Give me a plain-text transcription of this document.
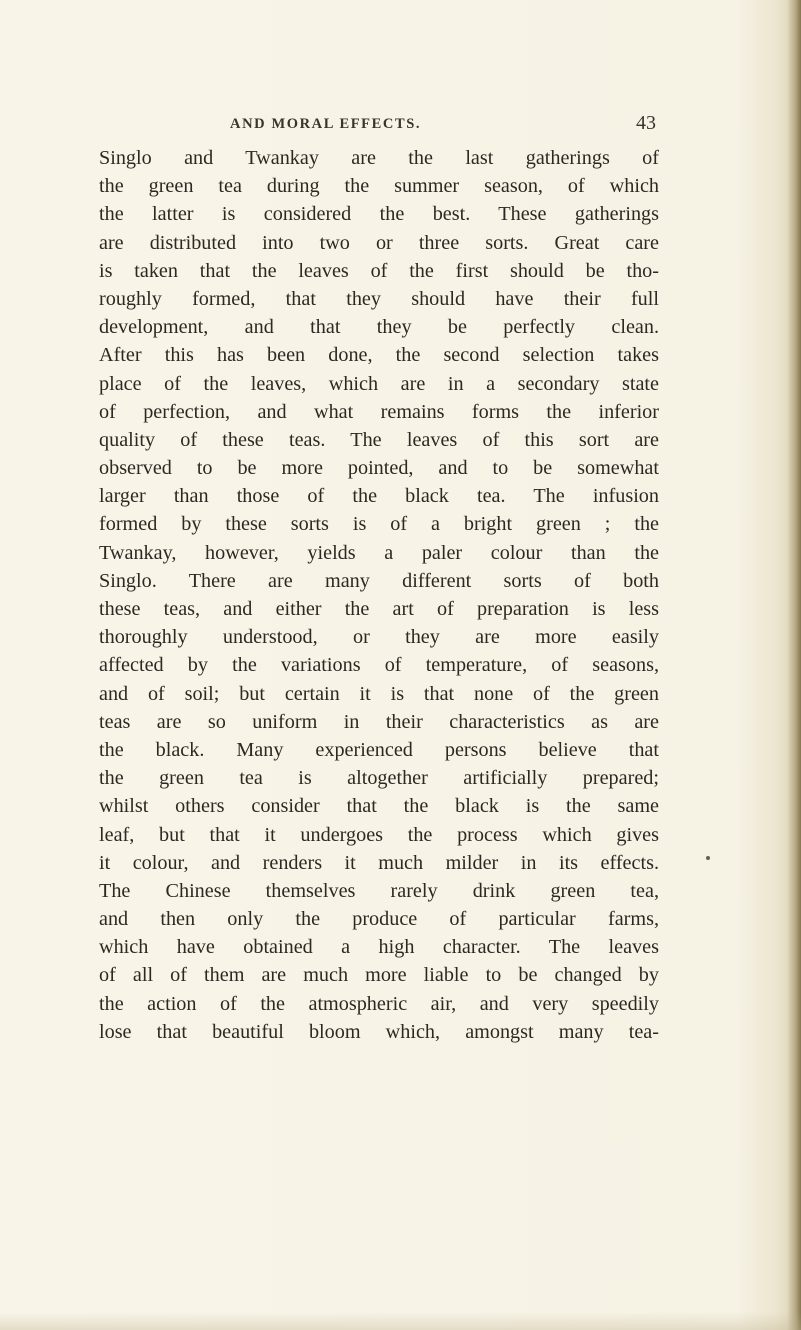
AND MORAL EFFECTS.	43
Singlo and Twankay are the last gatherings of
the green tea during the summer season, of which
the latter is considered the best. These gatherings
are distributed into two or three sorts. Great care
is taken that the leaves of the first should be tho-
roughly formed, that they should have their full
development, and that they be perfectly clean.
After this has been done, the second selection takes
place of the leaves, which are in a secondary state
of perfection, and what remains forms the inferior
quality of these teas. The leaves of this sort are
observed to be more pointed, and to be somewhat
larger than those of the black tea. The infusion
formed by these sorts is of a bright green ; the
Twankay, however, yields a paler colour than the
Singlo. There are many different sorts of both
these teas, and either the art of preparation is less
thoroughly understood, or they are more easily
affected by the variations of temperature, of seasons,
and of soil; but certain it is that none of the green
teas are so uniform in their characteristics as are
the black. Many experienced persons believe that
the green tea is altogether artificially prepared;
whilst others consider that the black is the same
leaf, but that it undergoes the process which gives
it colour, and renders it much milder in its effects.
The Chinese themselves rarely drink green tea,
and then only the produce of particular farms,
which have obtained a high character. The leaves
of all of them are much more liable to be changed by
the action of the atmospheric air, and very speedily
lose that beautiful bloom which, amongst many tea-
